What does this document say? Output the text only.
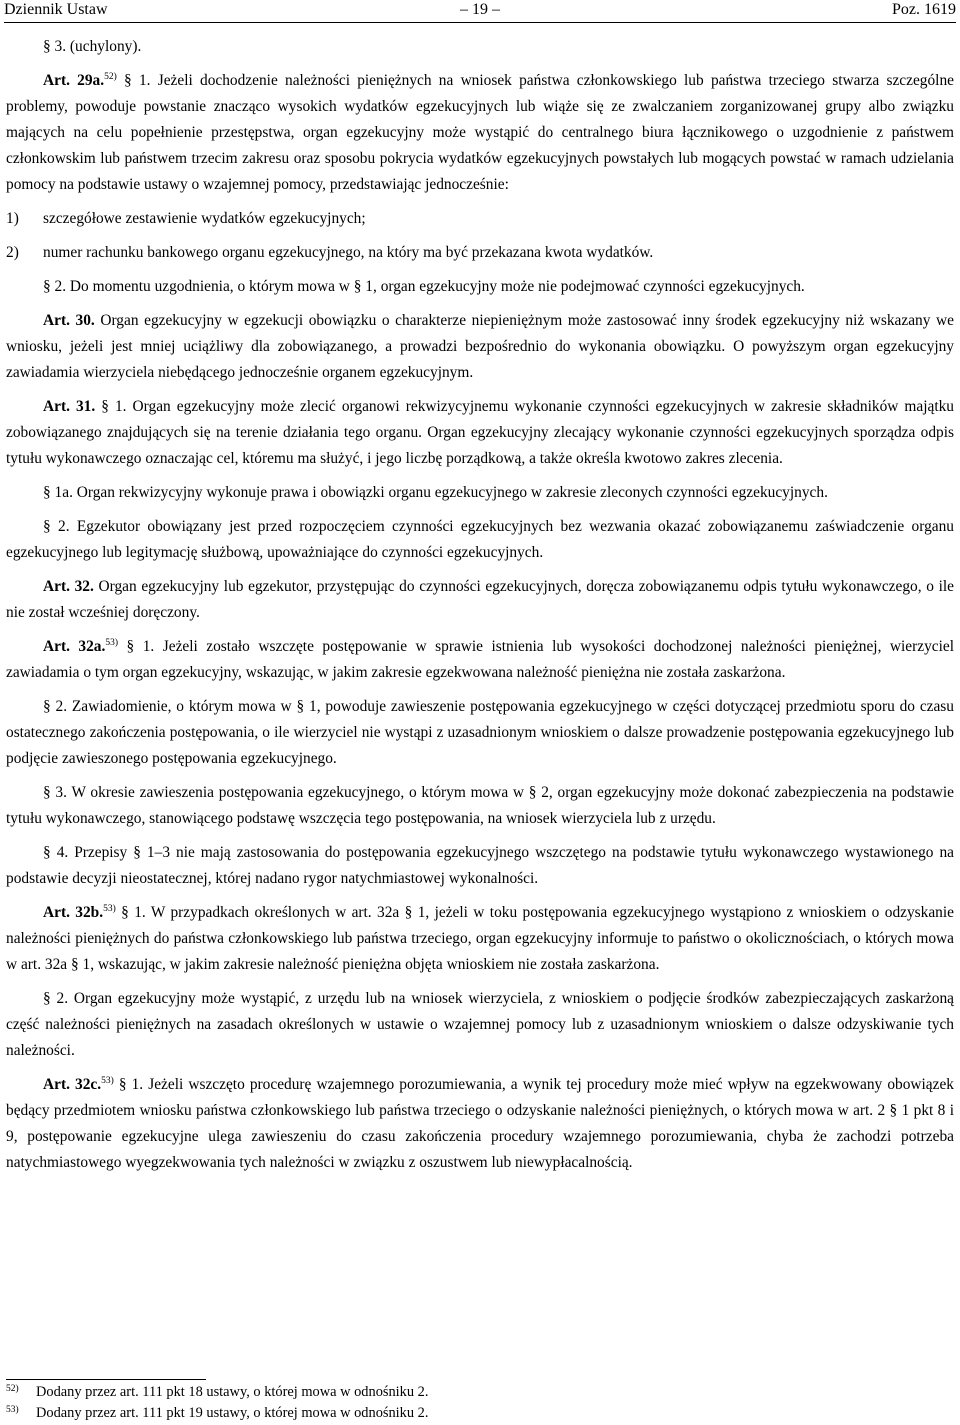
Dziennik Ustaw	– 19 –	Poz. 1619

§ 3. (uchylony).

Art. 29a.$^{52)}$ § 1. Jeżeli dochodzenie należności pieniężnych na wniosek państwa członkowskiego lub państwa trzeciego stwarza szczególne problemy, powoduje powstanie znacząco wysokich wydatków egzekucyjnych lub wiąże się ze zwalczaniem zorganizowanej grupy albo związku mających na celu popełnienie przestępstwa, organ egzekucyjny może wystąpić do centralnego biura łącznikowego o uzgodnienie z państwem członkowskim lub państwem trzecim zakresu oraz sposobu pokrycia wydatków egzekucyjnych powstałych lub mogących powstać w ramach udzielania pomocy na podstawie ustawy o wzajemnej pomocy, przedstawiając jednocześnie:

1)	szczegółowe zestawienie wydatków egzekucyjnych;
2)	numer rachunku bankowego organu egzekucyjnego, na który ma być przekazana kwota wydatków.

§ 2. Do momentu uzgodnienia, o którym mowa w § 1, organ egzekucyjny może nie podejmować czynności egzekucyjnych.

Art. 30. Organ egzekucyjny w egzekucji obowiązku o charakterze niepieniężnym może zastosować inny środek egzekucyjny niż wskazany we wniosku, jeżeli jest mniej uciążliwy dla zobowiązanego, a prowadzi bezpośrednio do wykonania obowiązku. O powyższym organ egzekucyjny zawiadamia wierzyciela niebędącego jednocześnie organem egzekucyjnym.

Art. 31. § 1. Organ egzekucyjny może zlecić organowi rekwizycyjnemu wykonanie czynności egzekucyjnych w zakresie składników majątku zobowiązanego znajdujących się na terenie działania tego organu. Organ egzekucyjny zlecający wykonanie czynności egzekucyjnych sporządza odpis tytułu wykonawczego oznaczając cel, któremu ma służyć, i jego liczbę porządkową, a także określa kwotowo zakres zlecenia.

§ 1a. Organ rekwizycyjny wykonuje prawa i obowiązki organu egzekucyjnego w zakresie zleconych czynności egzekucyjnych.

§ 2. Egzekutor obowiązany jest przed rozpoczęciem czynności egzekucyjnych bez wezwania okazać zobowiązanemu zaświadczenie organu egzekucyjnego lub legitymację służbową, upoważniające do czynności egzekucyjnych.

Art. 32. Organ egzekucyjny lub egzekutor, przystępując do czynności egzekucyjnych, doręcza zobowiązanemu odpis tytułu wykonawczego, o ile nie został wcześniej doręczony.

Art. 32a.$^{53)}$ § 1. Jeżeli zostało wszczęte postępowanie w sprawie istnienia lub wysokości dochodzonej należności pieniężnej, wierzyciel zawiadamia o tym organ egzekucyjny, wskazując, w jakim zakresie egzekwowana należność pieniężna nie została zaskarżona.

§ 2. Zawiadomienie, o którym mowa w § 1, powoduje zawieszenie postępowania egzekucyjnego w części dotyczącej przedmiotu sporu do czasu ostatecznego zakończenia postępowania, o ile wierzyciel nie wystąpi z uzasadnionym wnioskiem o dalsze prowadzenie postępowania egzekucyjnego lub podjęcie zawieszonego postępowania egzekucyjnego.

§ 3. W okresie zawieszenia postępowania egzekucyjnego, o którym mowa w § 2, organ egzekucyjny może dokonać zabezpieczenia na podstawie tytułu wykonawczego, stanowiącego podstawę wszczęcia tego postępowania, na wniosek wierzyciela lub z urzędu.

§ 4. Przepisy § 1–3 nie mają zastosowania do postępowania egzekucyjnego wszczętego na podstawie tytułu wykonawczego wystawionego na podstawie decyzji nieostatecznej, której nadano rygor natychmiastowej wykonalności.

Art. 32b.$^{53)}$ § 1. W przypadkach określonych w art. 32a § 1, jeżeli w toku postępowania egzekucyjnego wystąpiono z wnioskiem o odzyskanie należności pieniężnych do państwa członkowskiego lub państwa trzeciego, organ egzekucyjny informuje to państwo o okolicznościach, o których mowa w art. 32a § 1, wskazując, w jakim zakresie należność pieniężna objęta wnioskiem nie została zaskarżona.

§ 2. Organ egzekucyjny może wystąpić, z urzędu lub na wniosek wierzyciela, z wnioskiem o podjęcie środków zabezpieczających zaskarżoną część należności pieniężnych na zasadach określonych w ustawie o wzajemnej pomocy lub z uzasadnionym wnioskiem o dalsze odzyskiwanie tych należności.

Art. 32c.$^{53)}$ § 1. Jeżeli wszczęto procedurę wzajemnego porozumiewania, a wynik tej procedury może mieć wpływ na egzekwowany obowiązek będący przedmiotem wniosku państwa członkowskiego lub państwa trzeciego o odzyskanie należności pieniężnych, o których mowa w art. 2 § 1 pkt 8 i 9, postępowanie egzekucyjne ulega zawieszeniu do czasu zakończenia procedury wzajemnego porozumiewania, chyba że zachodzi potrzeba natychmiastowego wyegzekwowania tych należności w związku z oszustwem lub niewypłacalnością.

52)	Dodany przez art. 111 pkt 18 ustawy, o której mowa w odnośniku 2.
53)	Dodany przez art. 111 pkt 19 ustawy, o której mowa w odnośniku 2.
